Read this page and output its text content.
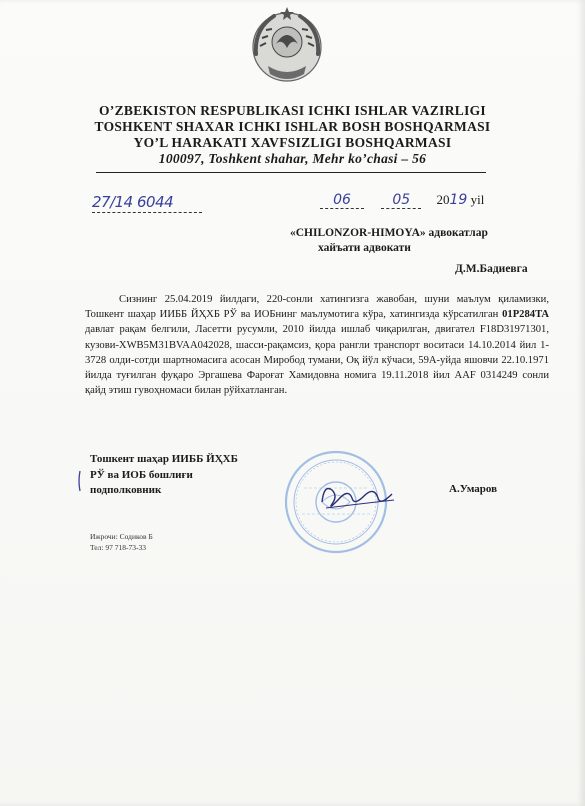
O’ZBEKISTON RESPUBLIKASI ICHKI ISHLAR VAZIRLIGI
TOSHKENT SHAXAR ICHKI ISHLAR BOSH BOSHQARMASI
YO’L HARAKATI XAVFSIZLIGI BOSHQARMASI
100097, Toshkent shahar, Mehr ko’chasi – 56
27/14 6044	06	05 2019 yil
«CHILONZOR-HIMOYA» адвокатлар
хайъати адвокати
Д.М.Бадиевга
Сизнинг 25.04.2019 йилдаги, 220-сонли хатингизга жавобан, шуни маълум қиламизки, Тошкент шаҳар ИИББ ЙҲХБ РЎ ва ИОБнинг маълумотига кўра, хатингизда кўрсатилган 01P284TA давлат рақам белгили, Ласетти русумли, 2010 йилда ишлаб чиқарилган, двигател F18D31971301, кузови-XWB5M31BVAA042028, шасси-рақамсиз, қора рангли транспорт воситаси 14.10.2014 йил 1-3728 олди-сотди шартномасига асосан Миробод тумани, Оқ йўл кўчаси, 59А-уйда яшовчи 22.10.1971 йилда туғилган фуқаро Эргашева Фароғат Хамидовна номига 19.11.2018 йил AAF 0314249 сонли қайд этиш гувоҳномаси билан рўйхатланган.
Тошкент шаҳар ИИББ ЙҲХБ
РЎ ва ИОБ бошлиғи
подполковник	А.Умаров
Ижрочи: Содиков Б
Тел: 97 718-73-33
